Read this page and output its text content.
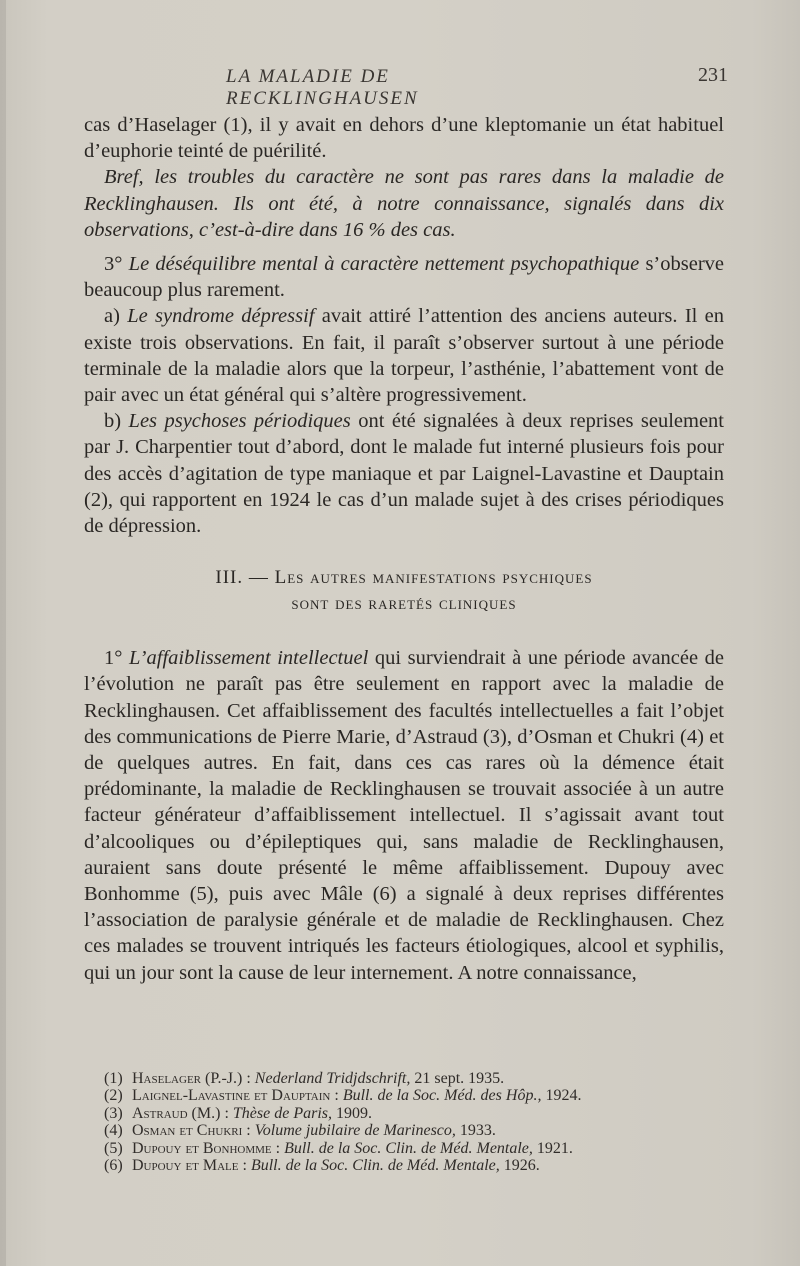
LA MALADIE DE RECKLINGHAUSEN
231

cas d’Haselager (1), il y avait en dehors d’une kleptomanie un état habituel d’euphorie teinté de puérilité.

Bref, les troubles du caractère ne sont pas rares dans la maladie de Recklinghausen. Ils ont été, à notre connaissance, signalés dans dix observations, c’est-à-dire dans 16 % des cas.

3° Le déséquilibre mental à caractère nettement psychopathique s’observe beaucoup plus rarement.

a) Le syndrome dépressif avait attiré l’attention des anciens auteurs. Il en existe trois observations. En fait, il paraît s’observer surtout à une période terminale de la maladie alors que la torpeur, l’asthénie, l’abattement vont de pair avec un état général qui s’altère progressivement.

b) Les psychoses périodiques ont été signalées à deux reprises seulement par J. Charpentier tout d’abord, dont le malade fut interné plusieurs fois pour des accès d’agitation de type maniaque et par Laignel-Lavastine et Dauptain (2), qui rapportent en 1924 le cas d’un malade sujet à des crises périodiques de dépression.

III. — Les autres manifestations psychiques
sont des raretés cliniques

1° L’affaiblissement intellectuel qui surviendrait à une période avancée de l’évolution ne paraît pas être seulement en rapport avec la maladie de Recklinghausen. Cet affaiblissement des facultés intellectuelles a fait l’objet des communications de Pierre Marie, d’Astraud (3), d’Osman et Chukri (4) et de quelques autres. En fait, dans ces cas rares où la démence était prédominante, la maladie de Recklinghausen se trouvait associée à un autre facteur générateur d’affaiblissement intellectuel. Il s’agissait avant tout d’alcooliques ou d’épileptiques qui, sans maladie de Recklinghausen, auraient sans doute présenté le même affaiblissement. Dupouy avec Bonhomme (5), puis avec Mâle (6) a signalé à deux reprises différentes l’association de paralysie générale et de maladie de Recklinghausen. Chez ces malades se trouvent intriqués les facteurs étiologiques, alcool et syphilis, qui un jour sont la cause de leur internement. A notre connaissance,

(1) Haselager (P.-J.) : Nederland Tridjdschrift, 21 sept. 1935.
(2) Laignel-Lavastine et Dauptain : Bull. de la Soc. Méd. des Hôp., 1924.
(3) Astraud (M.) : Thèse de Paris, 1909.
(4) Osman et Chukri : Volume jubilaire de Marinesco, 1933.
(5) Dupouy et Bonhomme : Bull. de la Soc. Clin. de Méd. Mentale, 1921.
(6) Dupouy et Male : Bull. de la Soc. Clin. de Méd. Mentale, 1926.
